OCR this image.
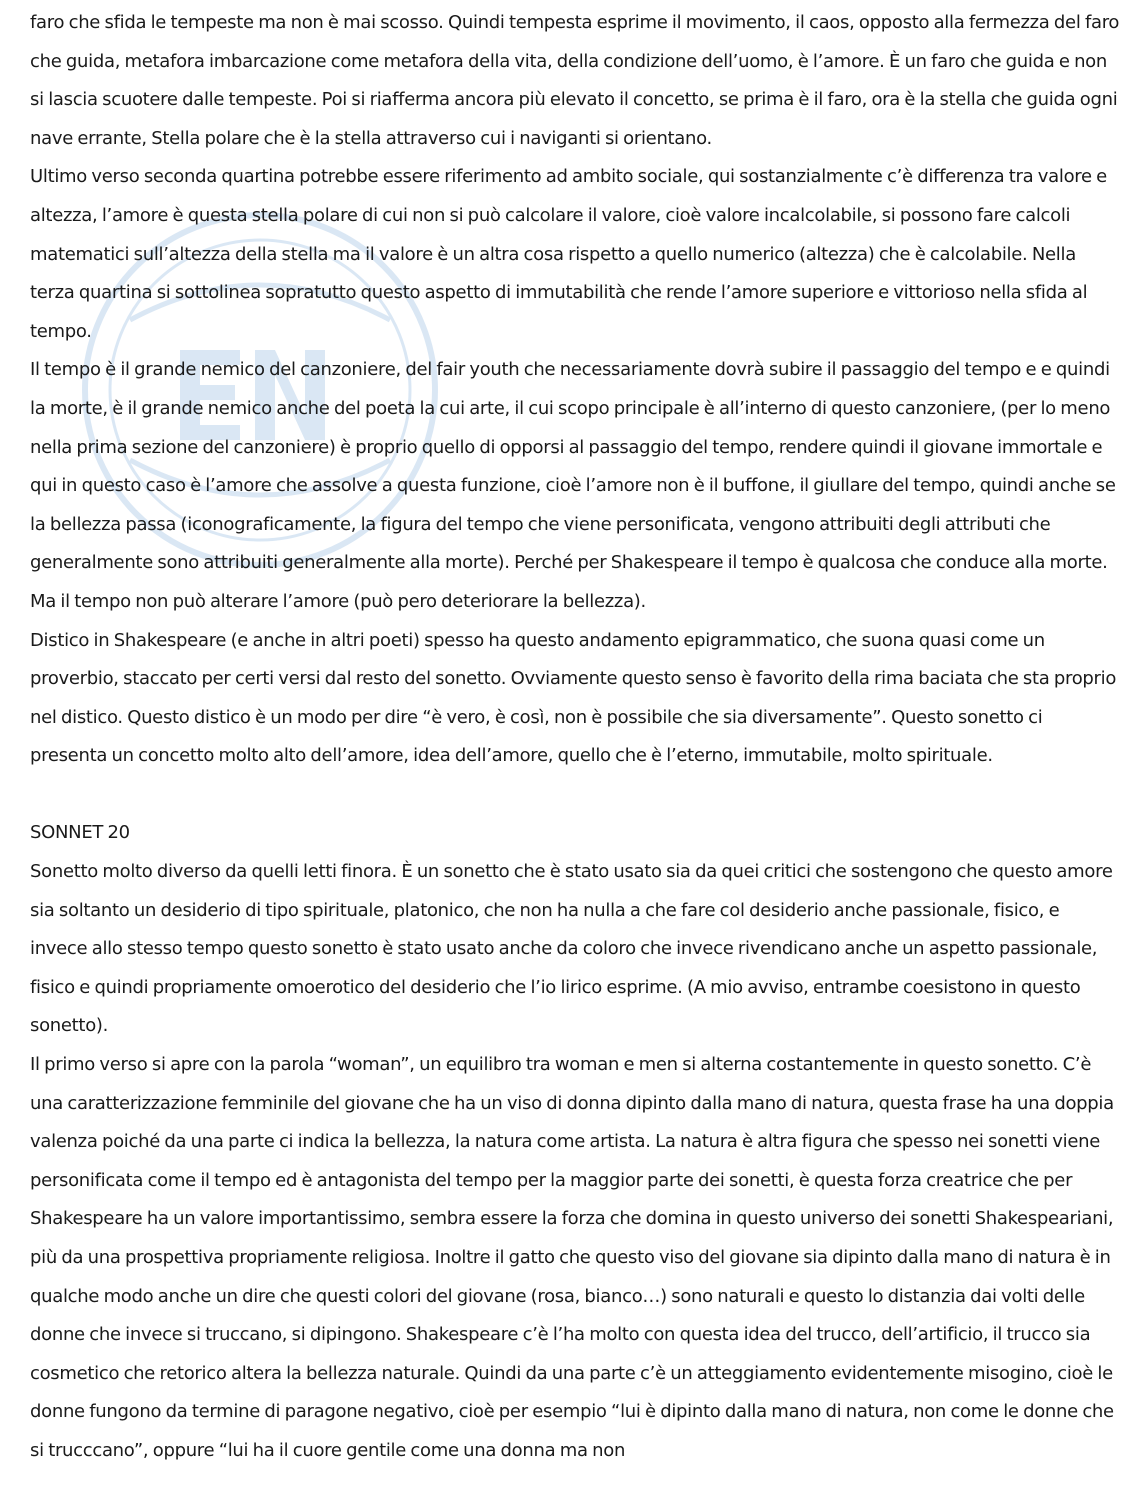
faro che sfida le tempeste ma non è mai scosso. Quindi tempesta esprime il movimento, il caos, opposto alla fermezza del faro che guida, metafora imbarcazione come metafora della vita, della condizione dell’uomo, è l’amore. È un faro che guida e non si lascia scuotere dalle tempeste. Poi si riafferma ancora più elevato il concetto, se prima è il faro, ora è la stella che guida ogni nave errante, Stella polare che è la stella attraverso cui i naviganti si orientano.

Ultimo verso seconda quartina potrebbe essere riferimento ad ambito sociale, qui sostanzialmente c’è differenza tra valore e altezza, l’amore è questa stella polare di cui non si può calcolare il valore, cioè valore incalcolabile, si possono fare calcoli matematici sull’altezza della stella ma il valore è un altra cosa rispetto a quello numerico (altezza) che è calcolabile. Nella terza quartina si sottolinea sopratutto questo aspetto di immutabilità che rende l’amore superiore e vittorioso nella sfida al tempo.

Il tempo è il grande nemico del canzoniere, del fair youth che necessariamente dovrà subire il passaggio del tempo e e quindi la morte, è il grande nemico anche del poeta la cui arte, il cui scopo principale è all’interno di questo canzoniere, (per lo meno nella prima sezione del canzoniere) è proprio quello di opporsi al passaggio del tempo, rendere quindi il giovane immortale e qui in questo caso è l’amore che assolve a questa funzione, cioè l’amore non è il buffone, il giullare del tempo, quindi anche se la bellezza passa (iconograficamente, la figura del tempo che viene personificata, vengono attribuiti degli attributi che generalmente sono attribuiti generalmente alla morte). Perché per Shakespeare il tempo è qualcosa che conduce alla morte. Ma il tempo non può alterare l’amore (può pero deteriorare la bellezza).

Distico in Shakespeare (e anche in altri poeti) spesso ha questo andamento epigrammatico, che suona quasi come un proverbio, staccato per certi versi dal resto del sonetto. Ovviamente questo senso è favorito della rima baciata che sta proprio nel distico. Questo distico è un modo per dire “è vero, è così, non è possibile che sia diversamente”. Questo sonetto ci presenta un concetto molto alto dell’amore, idea dell’amore, quello che è l’eterno, immutabile, molto spirituale.

SONNET 20

Sonetto molto diverso da quelli letti finora. È un sonetto che è stato usato sia da quei critici che sostengono che questo amore sia soltanto un desiderio di tipo spirituale, platonico, che non ha nulla a che fare col desiderio anche passionale, fisico, e invece allo stesso tempo questo sonetto è stato usato anche da coloro che invece rivendicano anche un aspetto passionale, fisico e quindi propriamente omoerotico del desiderio che l’io lirico esprime. (A mio avviso, entrambe coesistono in questo sonetto).

Il primo verso si apre con la parola “woman”, un equilibro tra woman e men si alterna costantemente in questo sonetto. C’è una caratterizzazione femminile del giovane che ha un viso di donna dipinto dalla mano di natura, questa frase ha una doppia valenza poiché da una parte ci indica la bellezza, la natura come artista. La natura è altra figura che spesso nei sonetti viene personificata come il tempo ed è antagonista del tempo per la maggior parte dei sonetti, è questa forza creatrice che per Shakespeare ha un valore importantissimo, sembra essere la forza che domina in questo universo dei sonetti Shakespeariani, più da una prospettiva propriamente religiosa. Inoltre il gatto che questo viso del giovane sia dipinto dalla mano di natura è in qualche modo anche un dire che questi colori del giovane (rosa, bianco…) sono naturali e questo lo distanzia dai volti delle donne che invece si truccano, si dipingono. Shakespeare c’è l’ha molto con questa idea del trucco, dell’artificio, il trucco sia cosmetico che retorico altera la bellezza naturale. Quindi da una parte c’è un atteggiamento evidentemente misogino, cioè le donne fungono da termine di paragone negativo, cioè per esempio “lui è dipinto dalla mano di natura, non come le donne che si trucccano”, oppure “lui ha il cuore gentile come una donna ma non
